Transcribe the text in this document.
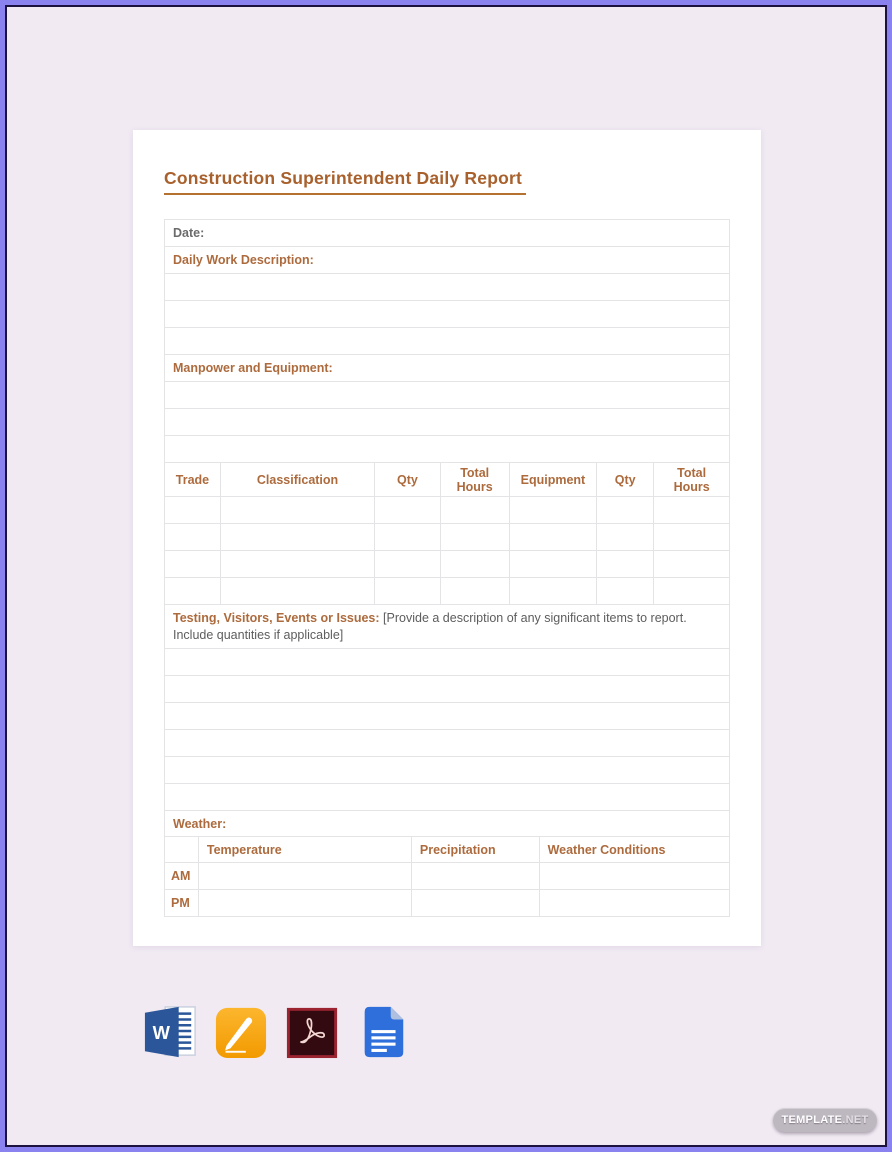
Construction Superintendent Daily Report
Date:
Daily Work Description:

Manpower and Equipment:

Trade	Classification	Qty	Total Hours	Equipment	Qty	Total Hours

Testing, Visitors, Events or Issues: [Provide a description of any significant items to report. Include quantities if applicable]

Weather:
	Temperature	Precipitation	Weather Conditions
AM			
PM			
W
TEMPLATE .NET
